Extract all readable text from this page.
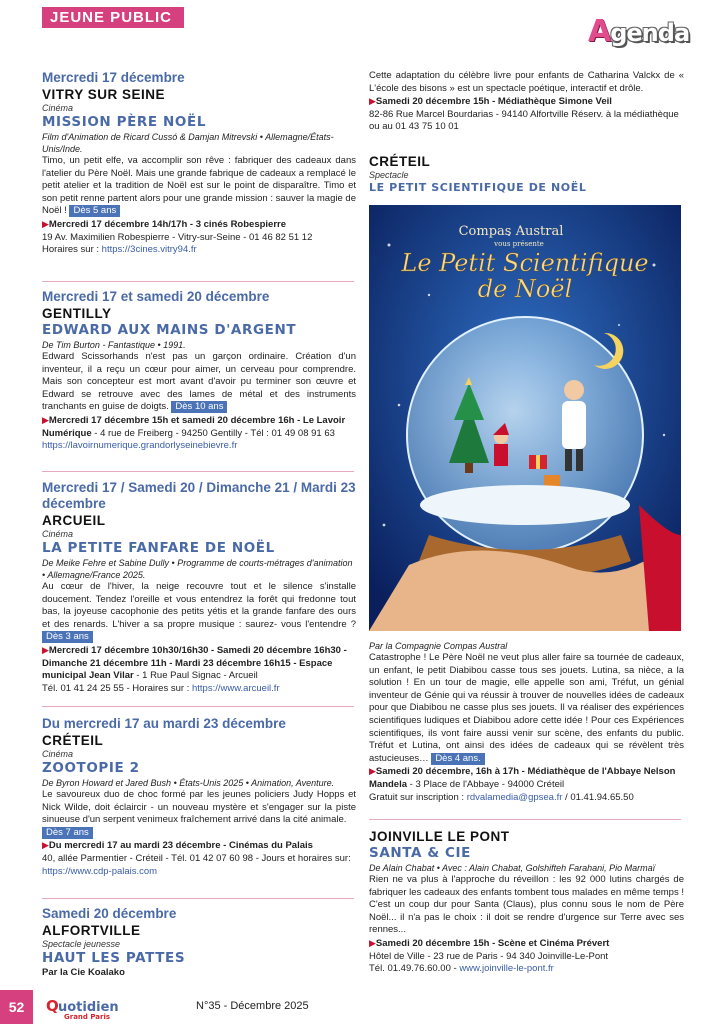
JEUNE PUBLIC	Agenda
Mercredi 17 décembre
VITRY SUR SEINE
Cinéma
MISSION PÈRE NOËL
Film d'Animation de Ricard Cussó & Damjan Mitrevski • Allemagne/États-Unis/Inde.
Timo, un petit elfe, va accomplir son rêve : fabriquer des cadeaux dans l'atelier du Père Noël. Mais une grande fabrique de cadeaux a remplacé le petit atelier et la tradition de Noël est sur le point de disparaître. Timo et son petit renne partent alors pour une grande mission : sauver la magie de Noël ! Dès 5 ans
▶Mercredi 17 décembre 14h/17h - 3 cinés Robespierre
19 Av. Maximilien Robespierre - Vitry-sur-Seine - 01 46 82 51 12
Horaires sur : https://3cines.vitry94.fr
Mercredi 17 et samedi 20 décembre
GENTILLY
EDWARD AUX MAINS D'ARGENT
De Tim Burton - Fantastique • 1991.
Edward Scissorhands n'est pas un garçon ordinaire. Création d'un inventeur, il a reçu un cœur pour aimer, un cerveau pour comprendre. Mais son concepteur est mort avant d'avoir pu terminer son œuvre et Edward se retrouve avec des lames de métal et des instruments tranchants en guise de doigts. Dès 10 ans
▶Mercredi 17 décembre 15h et samedi 20 décembre 16h - Le Lavoir Numérique - 4 rue de Freiberg - 94250 Gentilly - Tél : 01 49 08 91 63
https://lavoirnumerique.grandorlyseinebievre.fr
Mercredi 17 / Samedi 20 / Dimanche 21 / Mardi 23 décembre
ARCUEIL
Cinéma
LA PETITE FANFARE DE NOËL
De Meike Fehre et Sabine Dully • Programme de courts-métrages d'animation • Allemagne/France 2025.
Au cœur de l'hiver, la neige recouvre tout et le silence s'installe doucement. Tendez l'oreille et vous entendrez la forêt qui fredonne tout bas, la joyeuse cacophonie des petits yétis et la grande fanfare des ours et des renards. L'hiver a sa propre musique : saurez- vous l'entendre ? Dès 3 ans
▶Mercredi 17 décembre 10h30/16h30 - Samedi 20 décembre 16h30 - Dimanche 21 décembre 11h - Mardi 23 décembre 16h15 - Espace municipal Jean Vilar - 1 Rue Paul Signac - Arcueil
Tél. 01 41 24 25 55 - Horaires sur : https://www.arcueil.fr
Du mercredi 17 au mardi 23 décembre
CRÉTEIL
Cinéma
ZOOTOPIE 2
De Byron Howard et Jared Bush • États-Unis 2025 • Animation, Aventure.
Le savoureux duo de choc formé par les jeunes policiers Judy Hopps et Nick Wilde, doit éclaircir - un nouveau mystère et s'engager sur la piste sinueuse d'un serpent venimeux fraîchement arrivé dans la cité animale.
Dès 7 ans
▶Du mercredi 17 au mardi 23 décembre - Cinémas du Palais
40, allée Parmentier - Créteil - Tél. 01 42 07 60 98 - Jours et horaires sur:
https://www.cdp-palais.com
Samedi 20 décembre
ALFORTVILLE
Spectacle jeunesse
HAUT LES PATTES
Par la Cie Koalako
Cette adaptation du célèbre livre pour enfants de Catharina Valckx de « L'école des bisons » est un spectacle poétique, interactif et drôle.
▶Samedi 20 décembre 15h - Médiathèque Simone Veil
82-86 Rue Marcel Bourdarias - 94140 Alfortville Réserv. à la médiathèque ou au 01 43 75 10 01
CRÉTEIL
Spectacle
LE PETIT SCIENTIFIQUE DE NOËL
Par la Compagnie Compas Austral
Catastrophe ! Le Père Noël ne veut plus aller faire sa tournée de cadeaux, un enfant, le petit Diabibou casse tous ses jouets. Lutina, sa nièce, a la solution ! En un tour de magie, elle appelle son ami, Tréfut, un génial inventeur de Génie qui va réussir à trouver de nouvelles idées de cadeaux pour que Diabibou ne casse plus ses jouets. Il va réaliser des expériences scientifiques ludiques et Diabibou adore cette idée ! Pour ces Expériences scientifiques, ils vont faire aussi venir sur scène, des enfants du public. Tréfut et Lutina, ont ainsi des idées de cadeaux qui se révèlent très astucieuses… Dès 4 ans.
▶Samedi 20 décembre, 16h à 17h - Médiathèque de l'Abbaye Nelson Mandela - 3 Place de l'Abbaye - 94000 Créteil
Gratuit sur inscription : rdvalamedia@gpsea.fr / 01.41.94.65.50
JOINVILLE LE PONT
SANTA & CIE
De Alain Chabat • Avec : Alain Chabat, Golshifteh Farahani, Pio Marmaï
Rien ne va plus à l'approche du réveillon : les 92 000 lutins chargés de fabriquer les cadeaux des enfants tombent tous malades en même temps ! C'est un coup dur pour Santa (Claus), plus connu sous le nom de Père Noël... il n'a pas le choix : il doit se rendre d'urgence sur Terre avec ses rennes...
▶Samedi 20 décembre 15h - Scène et Cinéma Prévert
Hôtel de Ville - 23 rue de Paris - 94 340 Joinville-Le-Pont
Tél. 01.49.76.60.00 - www.joinville-le-pont.fr
Compas Austral
vous présente
Le Petit Scientifique
de Noël
52	Q uotidien
Grand Paris
N°35 - Décembre 2025
